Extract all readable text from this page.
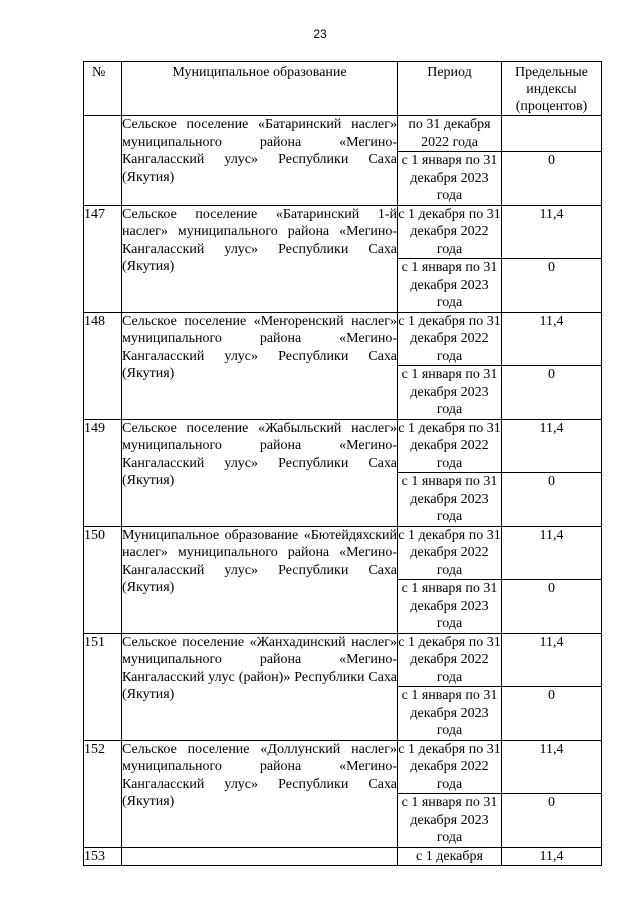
23
№	Муниципальное образование	Период	Предельные индексы (процентов)
	Сельское поселение «Батаринский наслег» муниципального района «Мегино-Кангаласский улус» Республики Саха (Якутия)	по 31 декабря 2022 года	
		с 1 января по 31 декабря 2023 года	0
147	Сельское поселение «Батаринский 1-й наслег» муниципального района «Мегино-Кангаласский улус» Республики Саха (Якутия)	с 1 декабря по 31 декабря 2022 года	11,4
		с 1 января по 31 декабря 2023 года	0
148	Сельское поселение «Меҥоренский наслег» муниципального района «Мегино-Кангаласский улус» Республики Саха (Якутия)	с 1 декабря по 31 декабря 2022 года	11,4
		с 1 января по 31 декабря 2023 года	0
149	Сельское поселение «Жабыльский наслег» муниципального района «Мегино-Кангаласский улус» Республики Саха (Якутия)	с 1 декабря по 31 декабря 2022 года	11,4
		с 1 января по 31 декабря 2023 года	0
150	Муниципальное образование «Бютейдяхский наслег» муниципального района «Мегино-Кангаласский улус» Республики Саха (Якутия)	с 1 декабря по 31 декабря 2022 года	11,4
		с 1 января по 31 декабря 2023 года	0
151	Сельское поселение «Жанхадинский наслег» муниципального района «Мегино-Кангаласский улус (район)» Республики Саха (Якутия)	с 1 декабря по 31 декабря 2022 года	11,4
		с 1 января по 31 декабря 2023 года	0
152	Сельское поселение «Доллунский наслег» муниципального района «Мегино-Кангаласский улус» Республики Саха (Якутия)	с 1 декабря по 31 декабря 2022 года	11,4
		с 1 января по 31 декабря 2023 года	0
153		с 1 декабря	11,4
